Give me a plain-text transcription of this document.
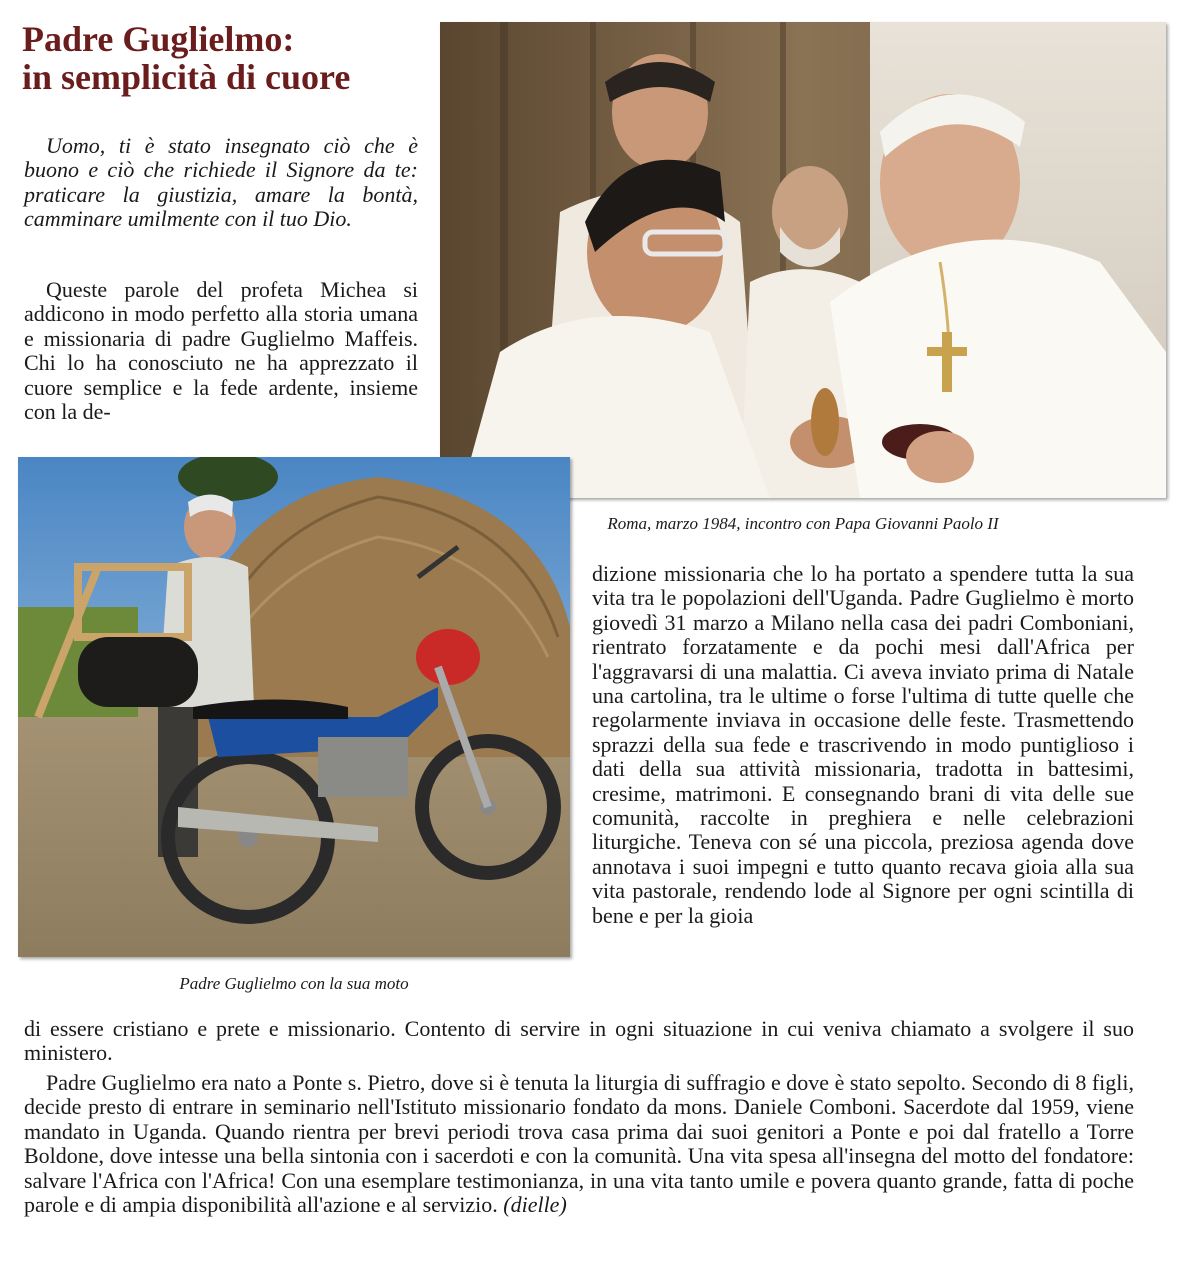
Padre Guglielmo:
in semplicità di cuore

Uomo, ti è stato insegnato ciò che è buono e ciò che richiede il Signore da te: praticare la giustizia, amare la bontà, camminare umilmente con il tuo Dio.

Queste parole del profeta Michea si addicono in modo perfetto alla storia umana e missionaria di padre Guglielmo Maffeis. Chi lo ha conosciuto ne ha apprezzato il cuore semplice e la fede ardente, insieme con la de-

Roma, marzo 1984, incontro con Papa Giovanni Paolo II
Padre Guglielmo con la sua moto

dizione missionaria che lo ha portato a spendere tutta la sua vita tra le popolazioni dell'Uganda. Padre Guglielmo è morto giovedì 31 marzo a Milano nella casa dei padri Comboniani, rientrato forzatamente e da pochi mesi dall'Africa per l'aggravarsi di una malattia. Ci aveva inviato prima di Natale una cartolina, tra le ultime o forse l'ultima di tutte quelle che regolarmente inviava in occasione delle feste. Trasmettendo sprazzi della sua fede e trascrivendo in modo puntiglioso i dati della sua attività missionaria, tradotta in battesimi, cresime, matrimoni. E consegnando brani di vita delle sue comunità, raccolte in preghiera e nelle celebrazioni liturgiche. Teneva con sé una piccola, preziosa agenda dove annotava i suoi impegni e tutto quanto recava gioia alla sua vita pastorale, rendendo lode al Signore per ogni scintilla di bene e per la gioia

di essere cristiano e prete e missionario. Contento di servire in ogni situazione in cui veniva chiamato a svolgere il suo ministero.

Padre Guglielmo era nato a Ponte s. Pietro, dove si è tenuta la liturgia di suffragio e dove è stato sepolto. Secondo di 8 figli, decide presto di entrare in seminario nell'Istituto missionario fondato da mons. Daniele Comboni. Sacerdote dal 1959, viene mandato in Uganda. Quando rientra per brevi periodi trova casa prima dai suoi genitori a Ponte e poi dal fratello a Torre Boldone, dove intesse una bella sintonia con i sacerdoti e con la comunità. Una vita spesa all'insegna del motto del fondatore: salvare l'Africa con l'Africa! Con una esemplare testimonianza, in una vita tanto umile e povera quanto grande, fatta di poche parole e di ampia disponibilità all'azione e al servizio. (dielle)
